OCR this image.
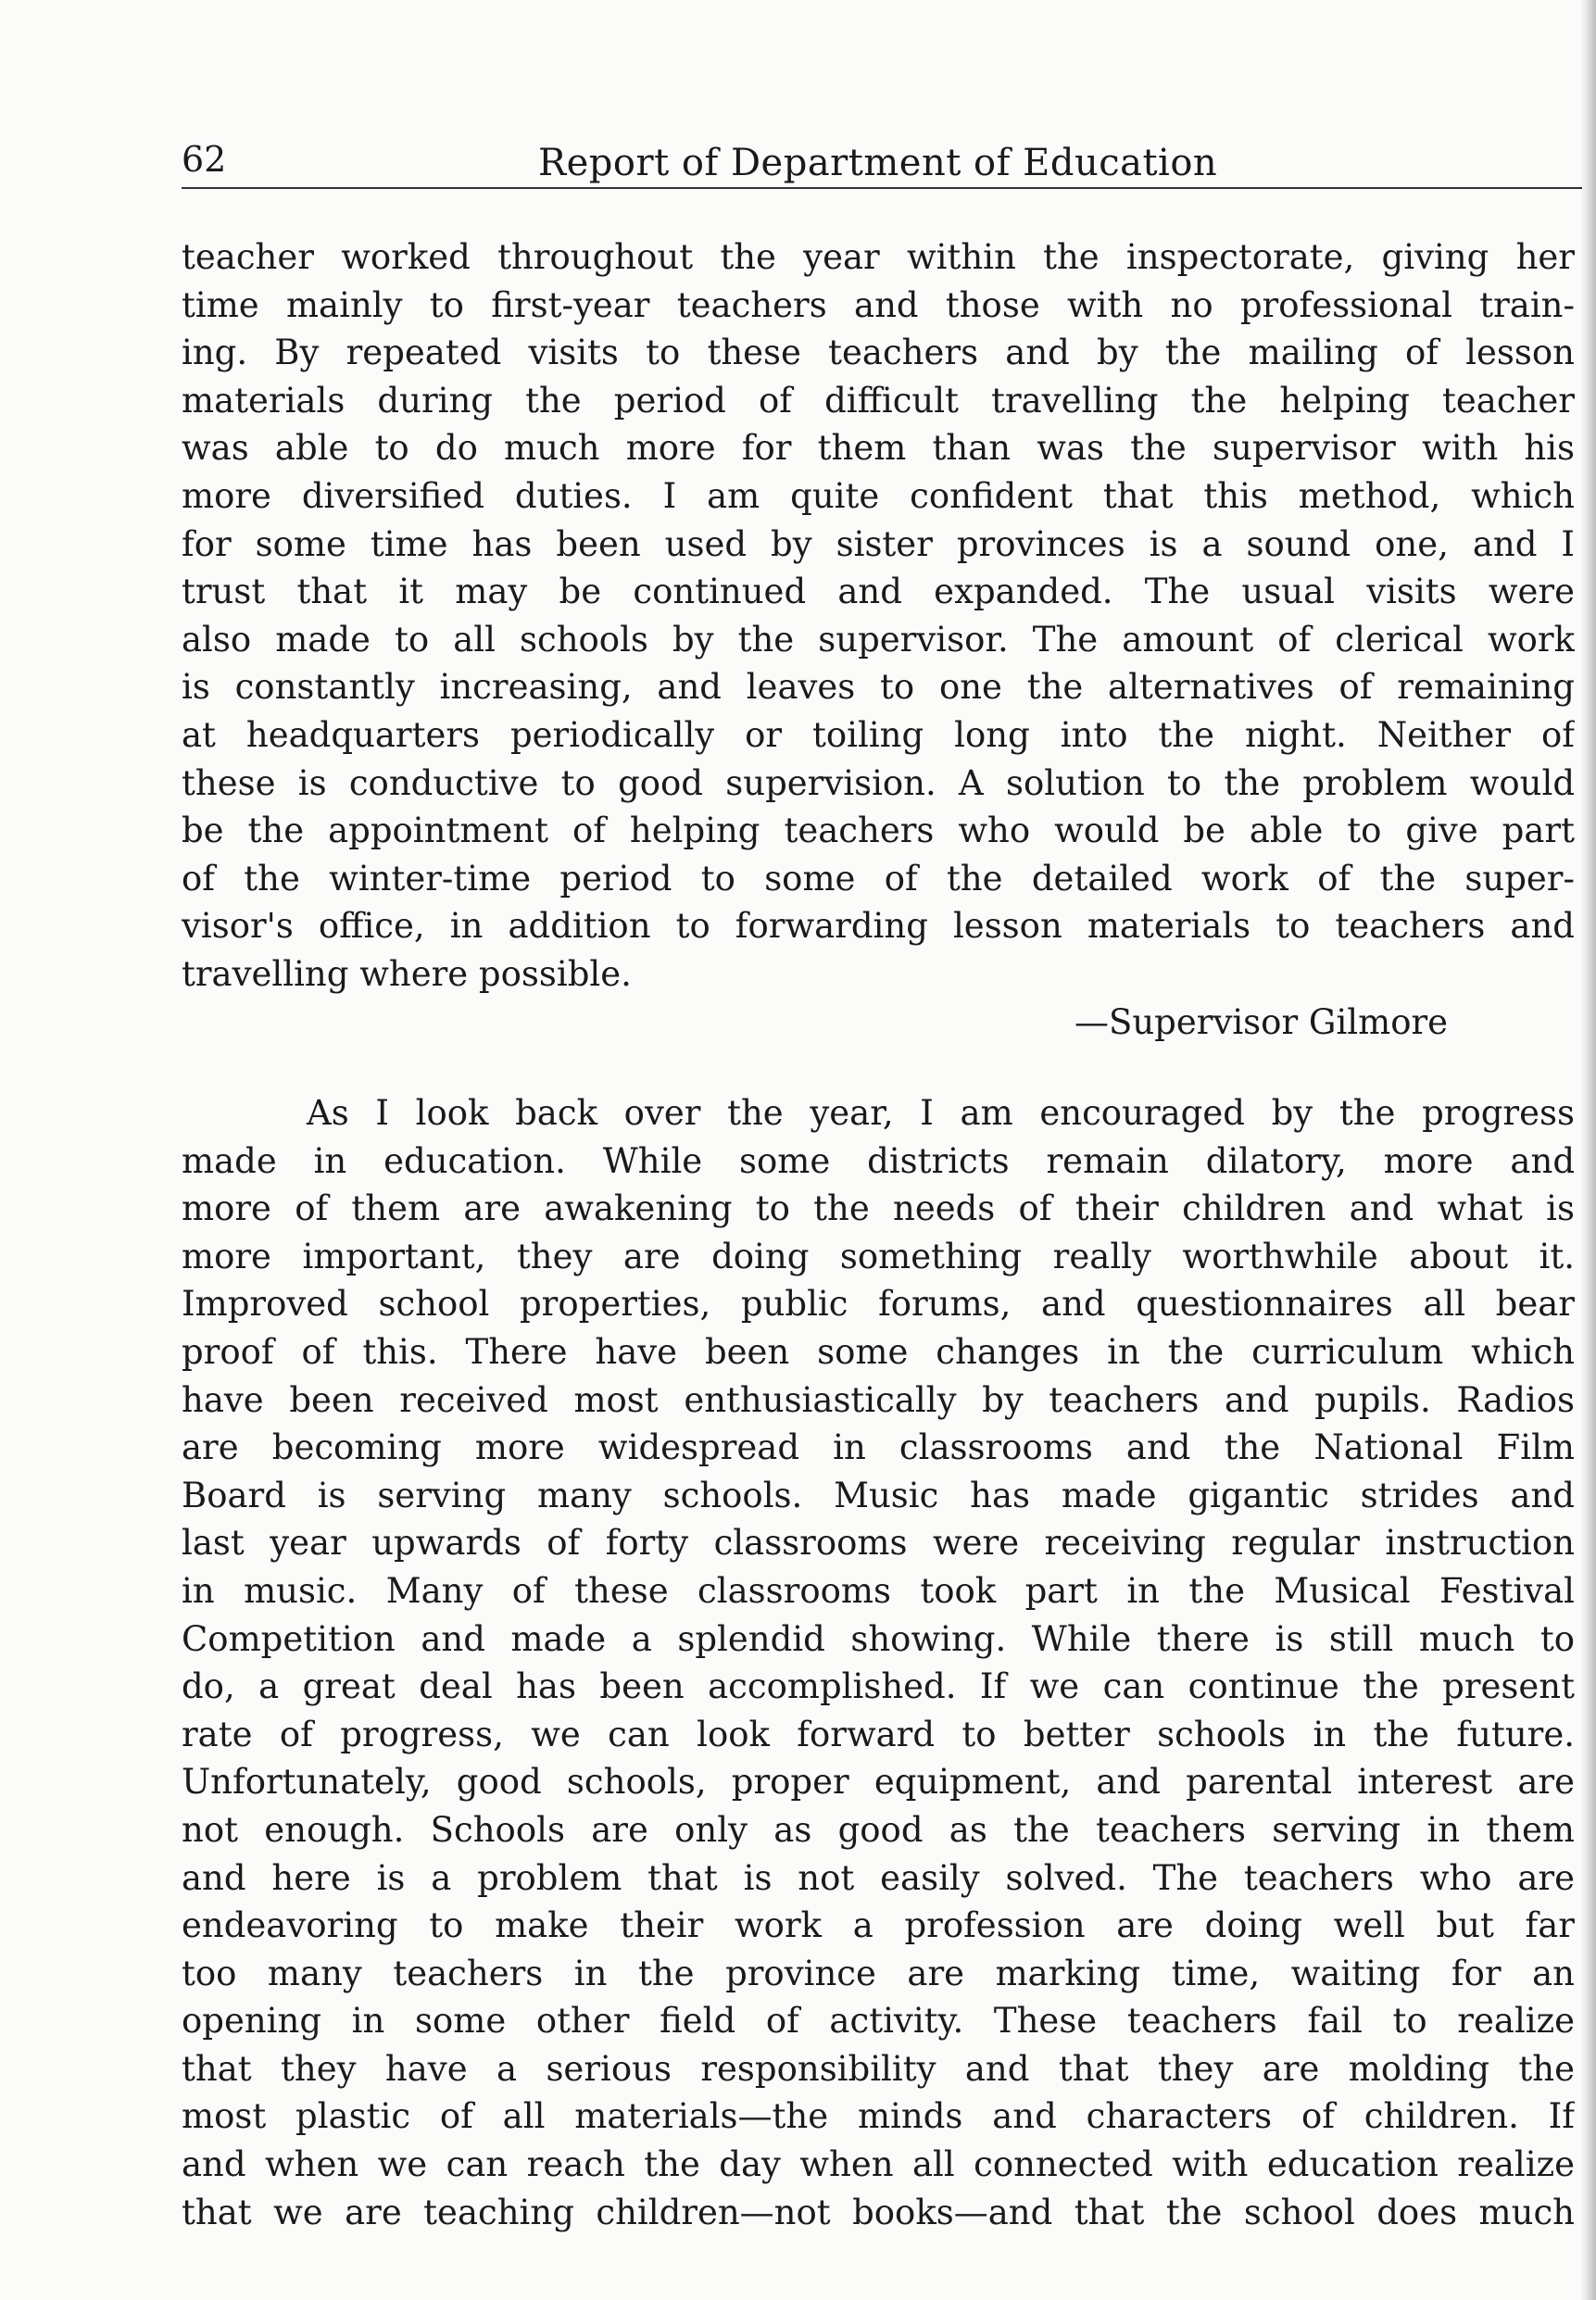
62	Report of Department of Education
teacher worked throughout the year within the inspectorate, giving her
time mainly to first-year teachers and those with no professional train-
ing. By repeated visits to these teachers and by the mailing of lesson
materials during the period of difficult travelling the helping teacher
was able to do much more for them than was the supervisor with his
more diversified duties. I am quite confident that this method, which
for some time has been used by sister provinces is a sound one, and I
trust that it may be continued and expanded. The usual visits were
also made to all schools by the supervisor. The amount of clerical work
is constantly increasing, and leaves to one the alternatives of remaining
at headquarters periodically or toiling long into the night. Neither of
these is conductive to good supervision. A solution to the problem would
be the appointment of helping teachers who would be able to give part
of the winter-time period to some of the detailed work of the super-
visor's office, in addition to forwarding lesson materials to teachers and
travelling where possible.
—Supervisor Gilmore
As I look back over the year, I am encouraged by the progress
made in education. While some districts remain dilatory, more and
more of them are awakening to the needs of their children and what is
more important, they are doing something really worthwhile about it.
Improved school properties, public forums, and questionnaires all bear
proof of this. There have been some changes in the curriculum which
have been received most enthusiastically by teachers and pupils. Radios
are becoming more widespread in classrooms and the National Film
Board is serving many schools. Music has made gigantic strides and
last year upwards of forty classrooms were receiving regular instruction
in music. Many of these classrooms took part in the Musical Festival
Competition and made a splendid showing. While there is still much to
do, a great deal has been accomplished. If we can continue the present
rate of progress, we can look forward to better schools in the future.
Unfortunately, good schools, proper equipment, and parental interest are
not enough. Schools are only as good as the teachers serving in them
and here is a problem that is not easily solved. The teachers who are
endeavoring to make their work a profession are doing well but far
too many teachers in the province are marking time, waiting for an
opening in some other field of activity. These teachers fail to realize
that they have a serious responsibility and that they are molding the
most plastic of all materials—the minds and characters of children. If
and when we can reach the day when all connected with education realize
that we are teaching children—not books—and that the school does much
